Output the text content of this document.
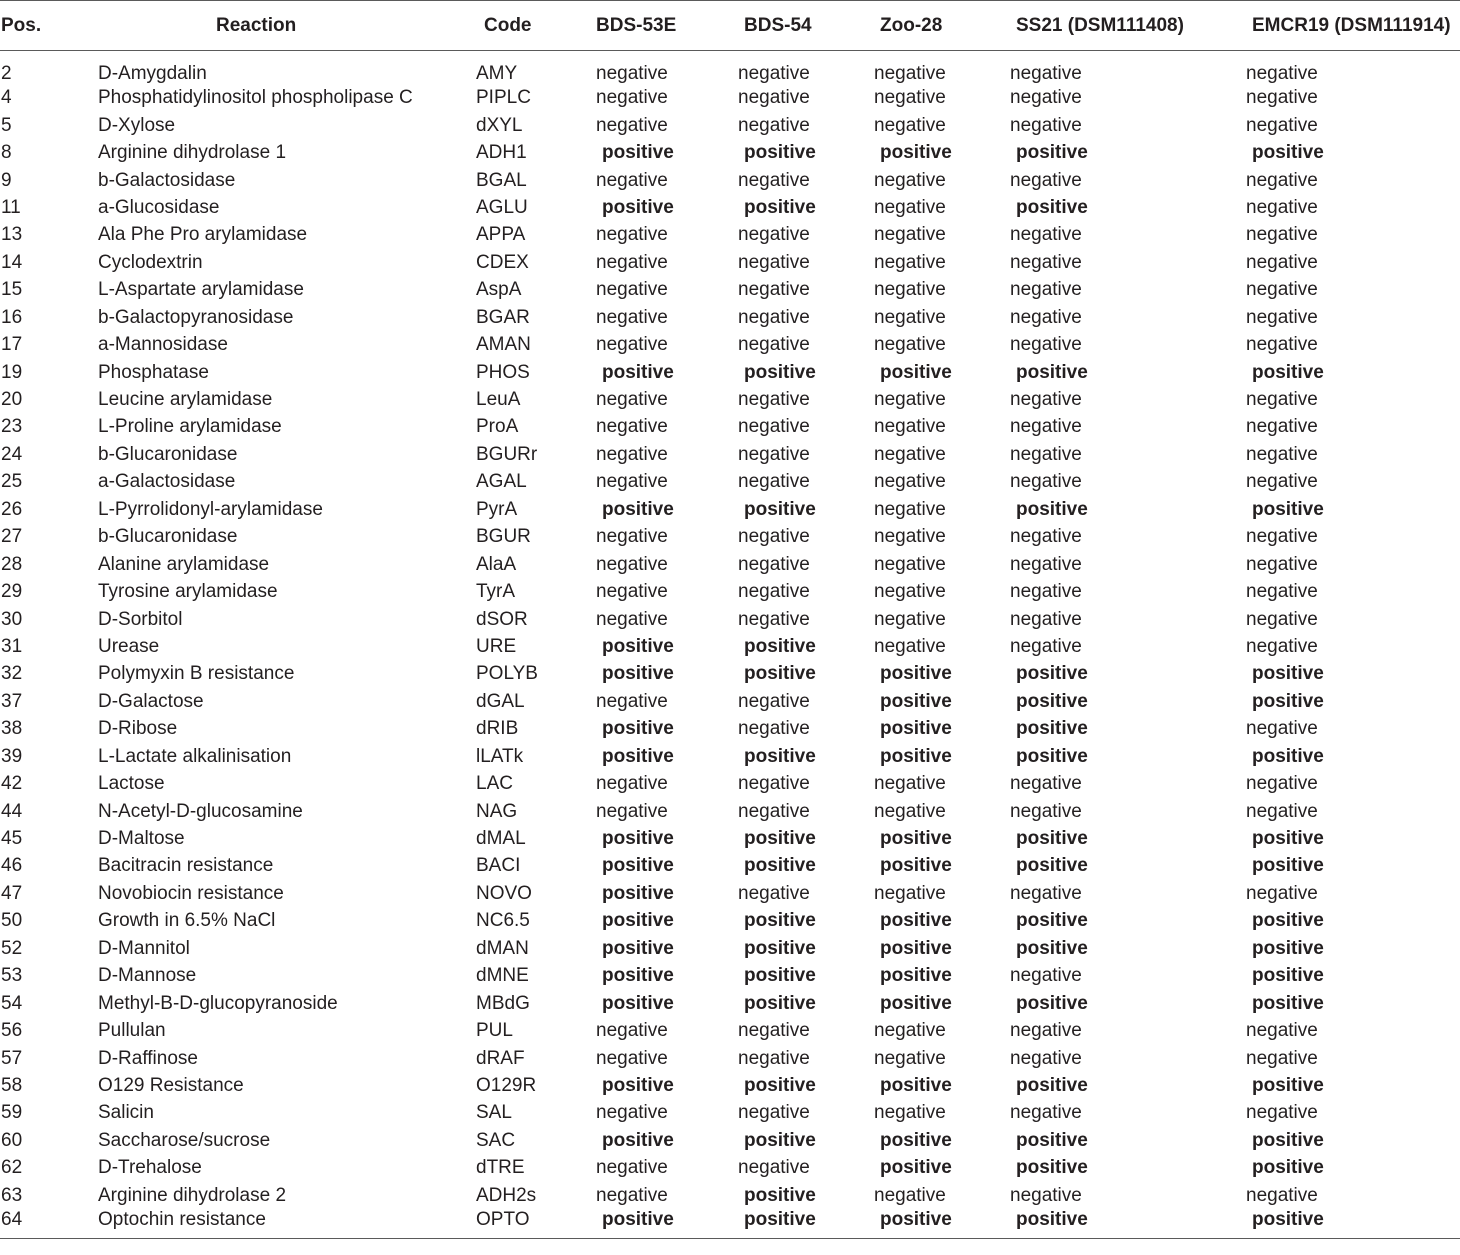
Pos.	Reaction	Code	BDS-53E	BDS-54	Zoo-28	SS21 (DSM111408)	EMCR19 (DSM111914)
2	D-Amygdalin	AMY	negative	negative	negative	negative	negative
4	Phosphatidylinositol phospholipase C	PIPLC	negative	negative	negative	negative	negative
5	D-Xylose	dXYL	negative	negative	negative	negative	negative
8	Arginine dihydrolase 1	ADH1	positive	positive	positive	positive	positive
9	b-Galactosidase	BGAL	negative	negative	negative	negative	negative
11	a-Glucosidase	AGLU	positive	positive	negative	positive	negative
13	Ala Phe Pro arylamidase	APPA	negative	negative	negative	negative	negative
14	Cyclodextrin	CDEX	negative	negative	negative	negative	negative
15	L-Aspartate arylamidase	AspA	negative	negative	negative	negative	negative
16	b-Galactopyranosidase	BGAR	negative	negative	negative	negative	negative
17	a-Mannosidase	AMAN	negative	negative	negative	negative	negative
19	Phosphatase	PHOS	positive	positive	positive	positive	positive
20	Leucine arylamidase	LeuA	negative	negative	negative	negative	negative
23	L-Proline arylamidase	ProA	negative	negative	negative	negative	negative
24	b-Glucaronidase	BGURr	negative	negative	negative	negative	negative
25	a-Galactosidase	AGAL	negative	negative	negative	negative	negative
26	L-Pyrrolidonyl-arylamidase	PyrA	positive	positive	negative	positive	positive
27	b-Glucaronidase	BGUR	negative	negative	negative	negative	negative
28	Alanine arylamidase	AlaA	negative	negative	negative	negative	negative
29	Tyrosine arylamidase	TyrA	negative	negative	negative	negative	negative
30	D-Sorbitol	dSOR	negative	negative	negative	negative	negative
31	Urease	URE	positive	positive	negative	negative	negative
32	Polymyxin B resistance	POLYB	positive	positive	positive	positive	positive
37	D-Galactose	dGAL	negative	negative	positive	positive	positive
38	D-Ribose	dRIB	positive	negative	positive	positive	negative
39	L-Lactate alkalinisation	lLATk	positive	positive	positive	positive	positive
42	Lactose	LAC	negative	negative	negative	negative	negative
44	N-Acetyl-D-glucosamine	NAG	negative	negative	negative	negative	negative
45	D-Maltose	dMAL	positive	positive	positive	positive	positive
46	Bacitracin resistance	BACI	positive	positive	positive	positive	positive
47	Novobiocin resistance	NOVO	positive	negative	negative	negative	negative
50	Growth in 6.5% NaCl	NC6.5	positive	positive	positive	positive	positive
52	D-Mannitol	dMAN	positive	positive	positive	positive	positive
53	D-Mannose	dMNE	positive	positive	positive	negative	positive
54	Methyl-B-D-glucopyranoside	MBdG	positive	positive	positive	positive	positive
56	Pullulan	PUL	negative	negative	negative	negative	negative
57	D-Raffinose	dRAF	negative	negative	negative	negative	negative
58	O129 Resistance	O129R	positive	positive	positive	positive	positive
59	Salicin	SAL	negative	negative	negative	negative	negative
60	Saccharose/sucrose	SAC	positive	positive	positive	positive	positive
62	D-Trehalose	dTRE	negative	negative	positive	positive	positive
63	Arginine dihydrolase 2	ADH2s	negative	positive	negative	negative	negative
64	Optochin resistance	OPTO	positive	positive	positive	positive	positive
